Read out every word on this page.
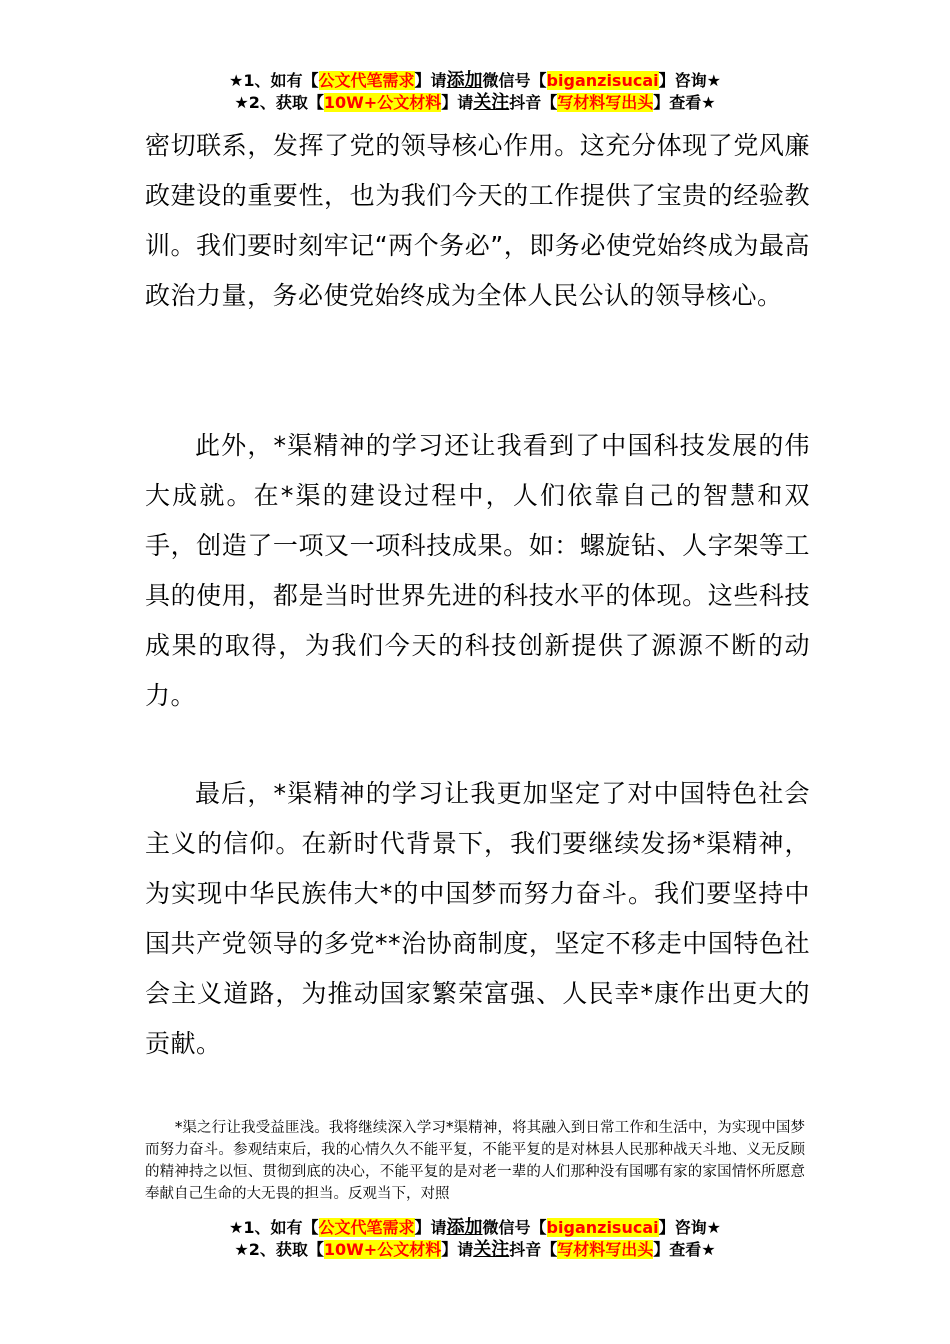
★1、如有【公文代笔需求】请添加微信号【biganzisucai】咨询★
★2、获取【10W+公文材料】请关注抖音【写材料写出头】查看★

密切联系，发挥了党的领导核心作用。这充分体现了党风廉政建设的重要性，也为我们今天的工作提供了宝贵的经验教训。我们要时刻牢记“两个务必”，即务必使党始终成为最高政治力量，务必使党始终成为全体人民公认的领导核心。

此外，*渠精神的学习还让我看到了中国科技发展的伟大成就。在*渠的建设过程中，人们依靠自己的智慧和双手，创造了一项又一项科技成果。如：螺旋钻、人字架等工具的使用，都是当时世界先进的科技水平的体现。这些科技成果的取得，为我们今天的科技创新提供了源源不断的动力。

最后，*渠精神的学习让我更加坚定了对中国特色社会主义的信仰。在新时代背景下，我们要继续发扬*渠精神，为实现中华民族伟大*的中国梦而努力奋斗。我们要坚持中国共产党领导的多党**治协商制度，坚定不移走中国特色社会主义道路，为推动国家繁荣富强、人民幸*康作出更大的贡献。

*渠之行让我受益匪浅。我将继续深入学习*渠精神，将其融入到日常工作和生活中，为实现中国梦而努力奋斗。参观结束后，我的心情久久不能平复，不能平复的是对林县人民那种战天斗地、义无反顾的精神持之以恒、贯彻到底的决心，不能平复的是对老一辈的人们那种没有国哪有家的家国情怀所愿意奉献自己生命的大无畏的担当。反观当下，对照

★1、如有【公文代笔需求】请添加微信号【biganzisucai】咨询★
★2、获取【10W+公文材料】请关注抖音【写材料写出头】查看★
